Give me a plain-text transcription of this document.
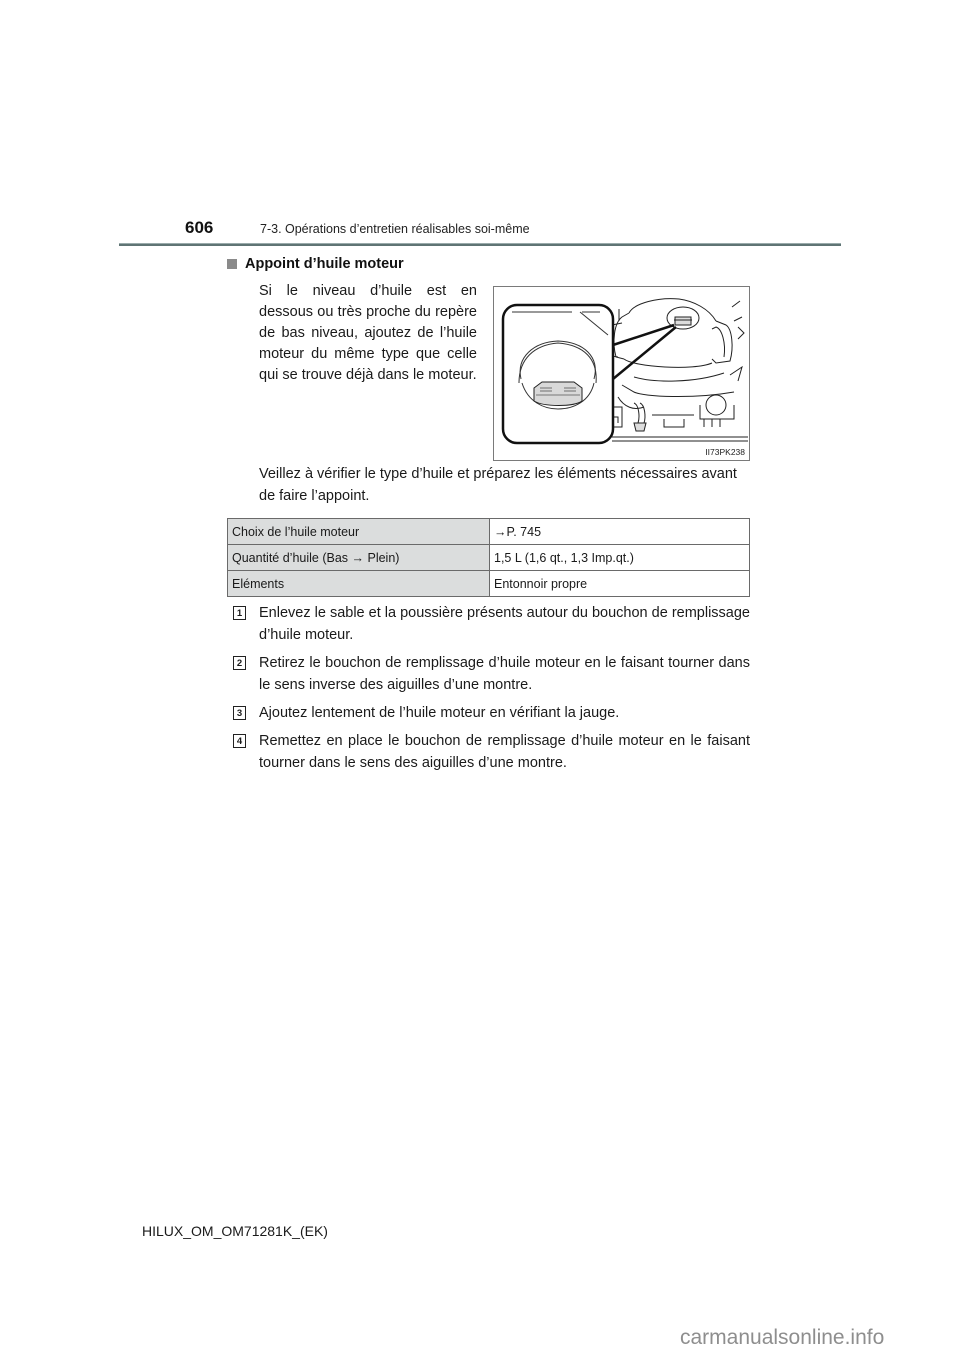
606	7-3. Opérations d’entretien réalisables soi-même
Appoint d’huile moteur
Si le niveau d’huile est en dessous ou très proche du repère de bas niveau, ajoutez de l’huile moteur du même type que celle qui se trouve déjà dans le moteur.
II73PK238
Veillez à vérifier le type d’huile et préparez les éléments nécessaires avant de faire l’appoint.
Choix de l’huile moteur	→P. 745
Quantité d’huile (Bas → Plein)	1,5 L (1,6 qt., 1,3 Imp.qt.)
Eléments	Entonnoir propre
1 Enlevez le sable et la poussière présents autour du bouchon de remplissage d’huile moteur.
2 Retirez le bouchon de remplissage d’huile moteur en le faisant tourner dans le sens inverse des aiguilles d’une montre.
3 Ajoutez lentement de l’huile moteur en vérifiant la jauge.
4 Remettez en place le bouchon de remplissage d’huile moteur en le faisant tourner dans le sens des aiguilles d’une montre.
HILUX_OM_OM71281K_(EK)
carmanualsonline.info
